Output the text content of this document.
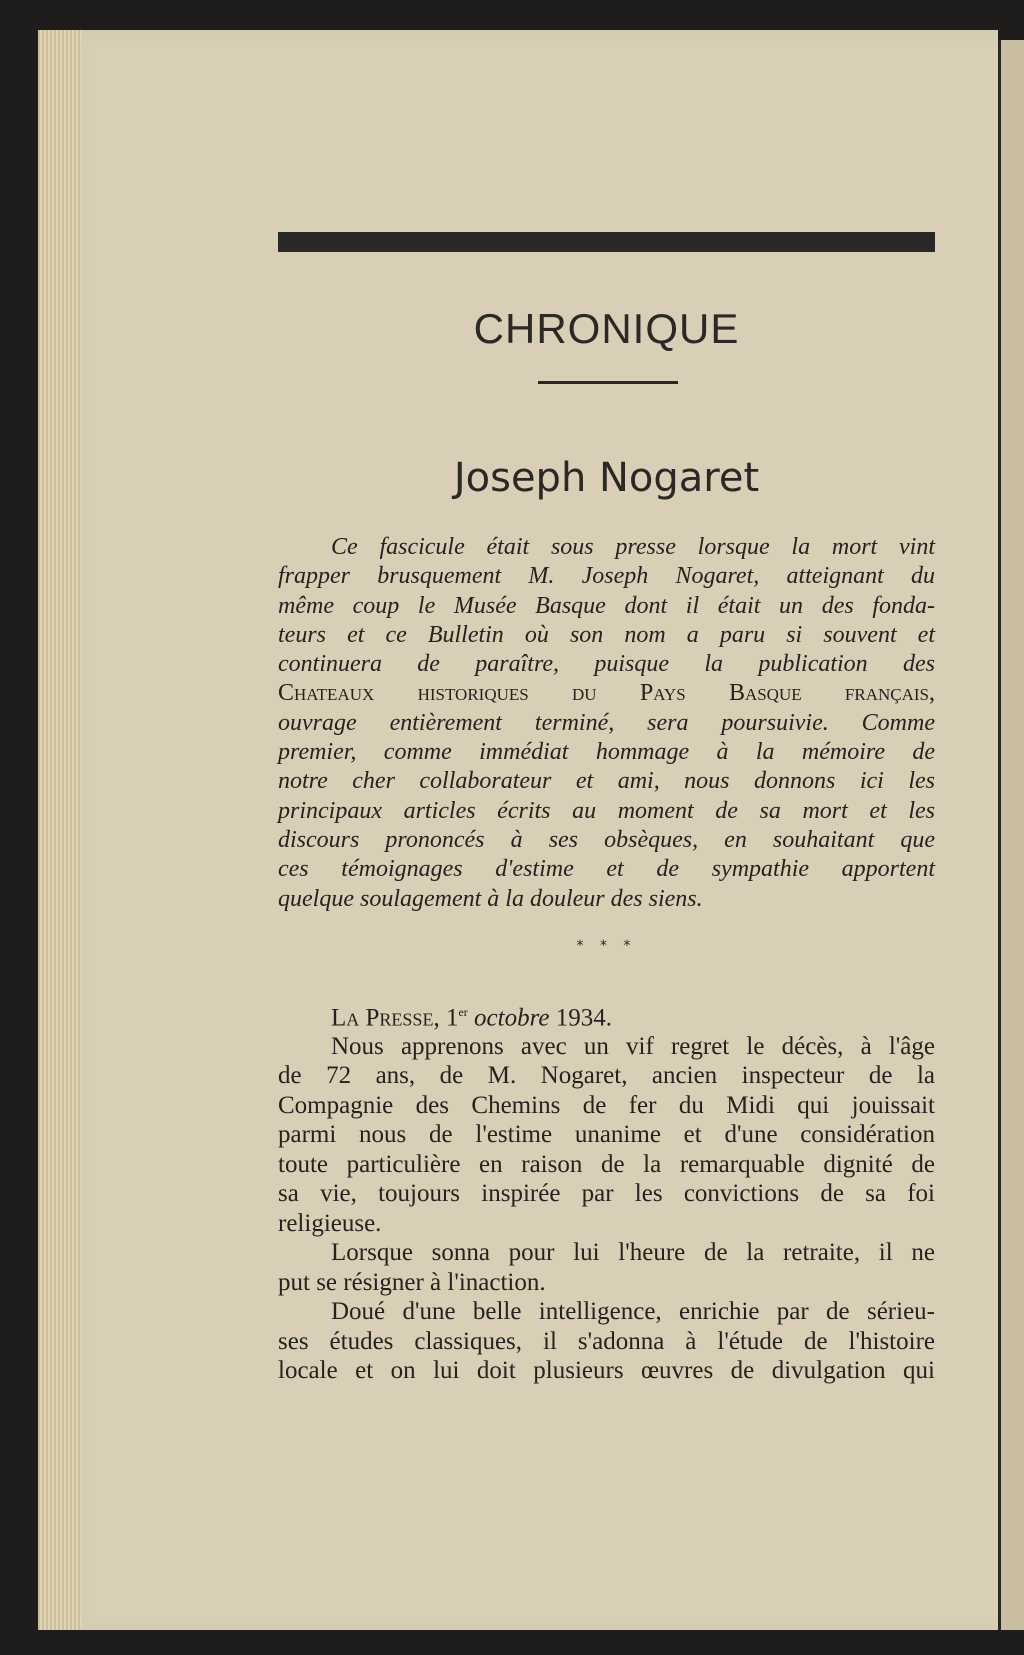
CHRONIQUE
Joseph Nogaret
Ce fascicule était sous presse lorsque la mort vint
frapper brusquement M. Joseph Nogaret, atteignant du
même coup le Musée Basque dont il était un des fonda-
teurs et ce Bulletin où son nom a paru si souvent et
continuera de paraître, puisque la publication des
Chateaux historiques du Pays Basque français,
ouvrage entièrement terminé, sera poursuivie. Comme
premier, comme immédiat hommage à la mémoire de
notre cher collaborateur et ami, nous donnons ici les
principaux articles écrits au moment de sa mort et les
discours prononcés à ses obsèques, en souhaitant que
ces témoignages d'estime et de sympathie apportent
quelque soulagement à la douleur des siens.
* * *
La Presse, 1er octobre 1934.
Nous apprenons avec un vif regret le décès, à l'âge
de 72 ans, de M. Nogaret, ancien inspecteur de la
Compagnie des Chemins de fer du Midi qui jouissait
parmi nous de l'estime unanime et d'une considération
toute particulière en raison de la remarquable dignité de
sa vie, toujours inspirée par les convictions de sa foi
religieuse.
Lorsque sonna pour lui l'heure de la retraite, il ne
put se résigner à l'inaction.
Doué d'une belle intelligence, enrichie par de sérieu-
ses études classiques, il s'adonna à l'étude de l'histoire
locale et on lui doit plusieurs œuvres de divulgation qui
